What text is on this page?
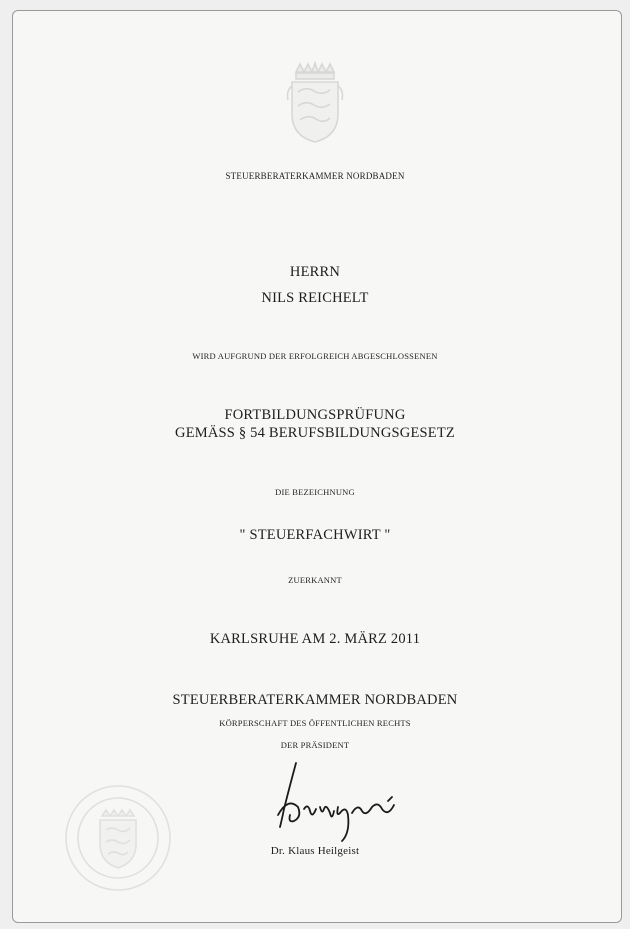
STEUERBERATERKAMMER NORDBADEN
HERRN
NILS REICHELT
WIRD AUFGRUND DER ERFOLGREICH ABGESCHLOSSENEN
FORTBILDUNGSPRÜFUNG
GEMÄSS § 54 BERUFSBILDUNGSGESETZ
DIE BEZEICHNUNG
" STEUERFACHWIRT "
ZUERKANNT
KARLSRUHE AM 2. MÄRZ 2011
STEUERBERATERKAMMER NORDBADEN
KÖRPERSCHAFT DES ÖFFENTLICHEN RECHTS
DER PRÄSIDENT
Dr. Klaus Heilgeist
